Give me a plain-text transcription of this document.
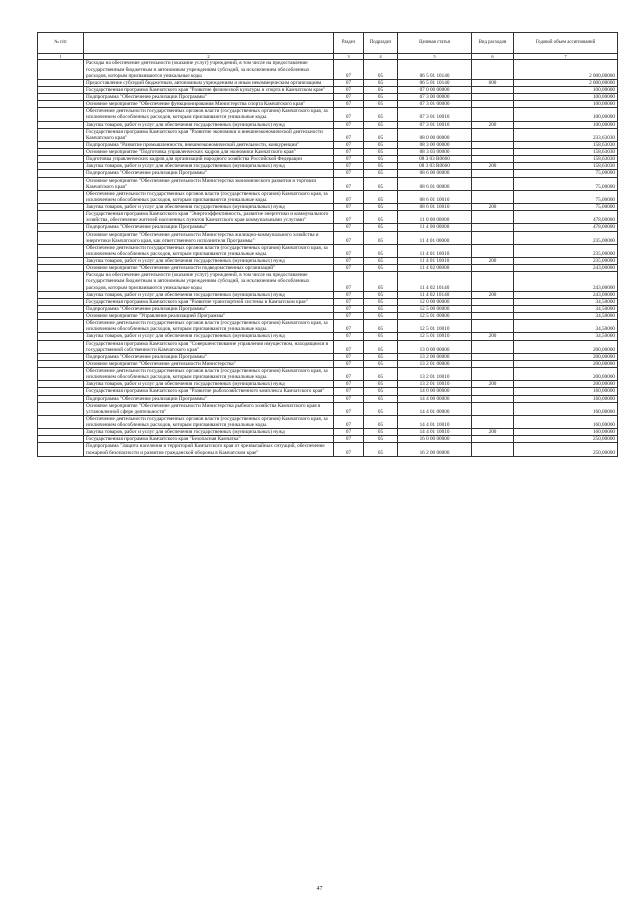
№ п/п		Раздел	Подраздел	Целевая статья	Вид расходов	Годовой объем ассигнований
1	2	3	4	5	6	7
	Расходы на обеспечение деятельности (оказание услуг) учреждений, в том числе на предоставление государственным бюджетным и автономным учреждениям субсидий, за исключением обособленных расходов, которым присваиваются уникальные коды	07	05	06 5 01 10140		2 000,00000
	Предоставление субсидий бюджетным, автономным учреждениям и иным некоммерческим организациям	07	05	06 5 01 10140	600	2 000,00000
	Государственная программа Камчатского края "Развитие физической культуры и спорта в Камчатском крае"	07	05	07 0 00 00000		100,00000
	Подпрограмма "Обеспечение реализации Программы"	07	05	07 3 00 00000		100,00000
	Основное мероприятие "Обеспечение функционирования Министерства спорта Камчатского края"	07	05	07 3 01 00000		100,00000
	Обеспечение деятельности государственных органов власти (государственных органов) Камчатского края, за исключением обособленных расходов, которым присваиваются уникальные коды.	07	05	07 3 01 10010		100,00000
	Закупка товаров, работ и услуг для обеспечения государственных (муниципальных) нужд	07	05	07 3 01 10010	200	100,00000
	Государственная программа Камчатского края "Развитие экономики и внешнеэкономической деятельности Камчатского края"	07	05	08 0 00 00000		233,63030
	Подпрограмма "Развитие промышленности, внешнеэкономической деятельности, конкуренции"	07	05	08 3 00 00000		158,63030
	Основное мероприятие "Подготовка управленческих кадров для экономики Камчатского края"	07	05	08 3 03 00000		158,63030
	Подготовка управленческих кадров для организаций народного хозяйства Российской Федерации	07	05	08 3 03 R0660		158,63030
	Закупка товаров, работ и услуг для обеспечения государственных (муниципальных) нужд	07	05	08 3 03 R0660	200	158,63030
	Подпрограмма "Обеспечение реализации Программы"	07	05	08 6 00 00000		75,00000
	Основное мероприятие "Обеспечение деятельности Министерства экономического развития и торговли Камчатского края"	07	05	08 6 01 00000		75,00000
	Обеспечение деятельности государственных органов власти (государственных органов) Камчатского края, за исключением обособленных расходов, которым присваиваются уникальные коды.	07	05	08 6 01 10010		75,00000
	Закупка товаров, работ и услуг для обеспечения государственных (муниципальных) нужд	07	05	08 6 01 10010	200	75,00000
	Государственная программа Камчатского края "Энергоэффективность, развитие энергетики и коммунального хозяйства, обеспечение жителей населенных пунктов Камчатского края коммунальными услугами"	07	05	11 0 00 00000		478,00000
	Подпрограмма "Обеспечение реализации Программы"	07	05	11 4 00 00000		478,00000
	Основное мероприятие "Обеспечение деятельности Министерства жилищно-коммунального хозяйства и энергетики Камчатского края, как ответственного исполнителя Программы"	07	05	11 4 01 00000		235,00000
	Обеспечение деятельности государственных органов власти (государственных органов) Камчатского края, за исключением обособленных расходов, которым присваиваются уникальные коды.	07	05	11 4 01 10010		235,00000
	Закупка товаров, работ и услуг для обеспечения государственных (муниципальных) нужд	07	05	11 4 01 10010	200	235,00000
	Основное мероприятие "Обеспечение деятельности подведомственных организаций"	07	05	11 4 02 00000		243,00000
	Расходы на обеспечение деятельности (оказание услуг) учреждений, в том числе на предоставление государственным бюджетным и автономным учреждениям субсидий, за исключением обособленных расходов, которым присваиваются уникальные коды	07	05	11 4 02 10140		243,00000
	Закупка товаров, работ и услуг для обеспечения государственных (муниципальных) нужд	07	05	11 4 02 10140	200	243,00000
	Государственная программа Камчатского края "Развитие транспортной системы в Камчатском крае"	07	05	12 0 00 00000		34,50000
	Подпрограмма "Обеспечение реализации Программы"	07	05	12 5 00 00000		34,50000
	Основное мероприятие "Управление реализацией Программы"	07	05	12 5 01 00000		34,50000
	Обеспечение деятельности государственных органов власти (государственных органов) Камчатского края, за исключением обособленных расходов, которым присваиваются уникальные коды.	07	05	12 5 01 10010		34,50000
	Закупка товаров, работ и услуг для обеспечения государственных (муниципальных) нужд	07	05	12 5 01 10010	200	34,50000
	Государственная программа Камчатского края "Совершенствование управления имуществом, находящимся в государственной собственности Камчатского края"	07	05	13 0 00 00000		200,00000
	Подпрограмма "Обеспечение реализации Программы"	07	05	13 2 00 00000		200,00000
	Основное мероприятие "Обеспечение деятельности Министерства"	07	05	13 2 01 00000		200,00000
	Обеспечение деятельности государственных органов власти (государственных органов) Камчатского края, за исключением обособленных расходов, которым присваиваются уникальные коды.	07	05	13 2 01 10010		200,00000
	Закупка товаров, работ и услуг для обеспечения государственных (муниципальных) нужд	07	05	13 2 01 10010	200	200,00000
	Государственная программа Камчатского края "Развитие рыбохозяйственного комплекса Камчатского края"	07	05	14 0 00 00000		160,00000
	Подпрограмма "Обеспечение реализации Программы"	07	05	14 4 00 00000		160,00000
	Основное мероприятие "Обеспечение деятельности Министерства рыбного хозяйства Камчатского края в установленной сфере деятельности"	07	05	14 4 01 00000		160,00000
	Обеспечение деятельности государственных органов власти (государственных органов) Камчатского края, за исключением обособленных расходов, которым присваиваются уникальные коды.	07	05	14 4 01 10010		160,00000
	Закупка товаров, работ и услуг для обеспечения государственных (муниципальных) нужд	07	05	14 4 01 10010	200	160,00000
	Государственная программа Камчатского края "Безопасная Камчатка"	07	05	16 0 00 00000		250,00000
	Подпрограмма "Защита населения и территорий Камчатского края от чрезвычайных ситуаций, обеспечение пожарной безопасности и развитие гражданской обороны в Камчатском крае"	07	05	16 2 00 00000		250,00000
47
